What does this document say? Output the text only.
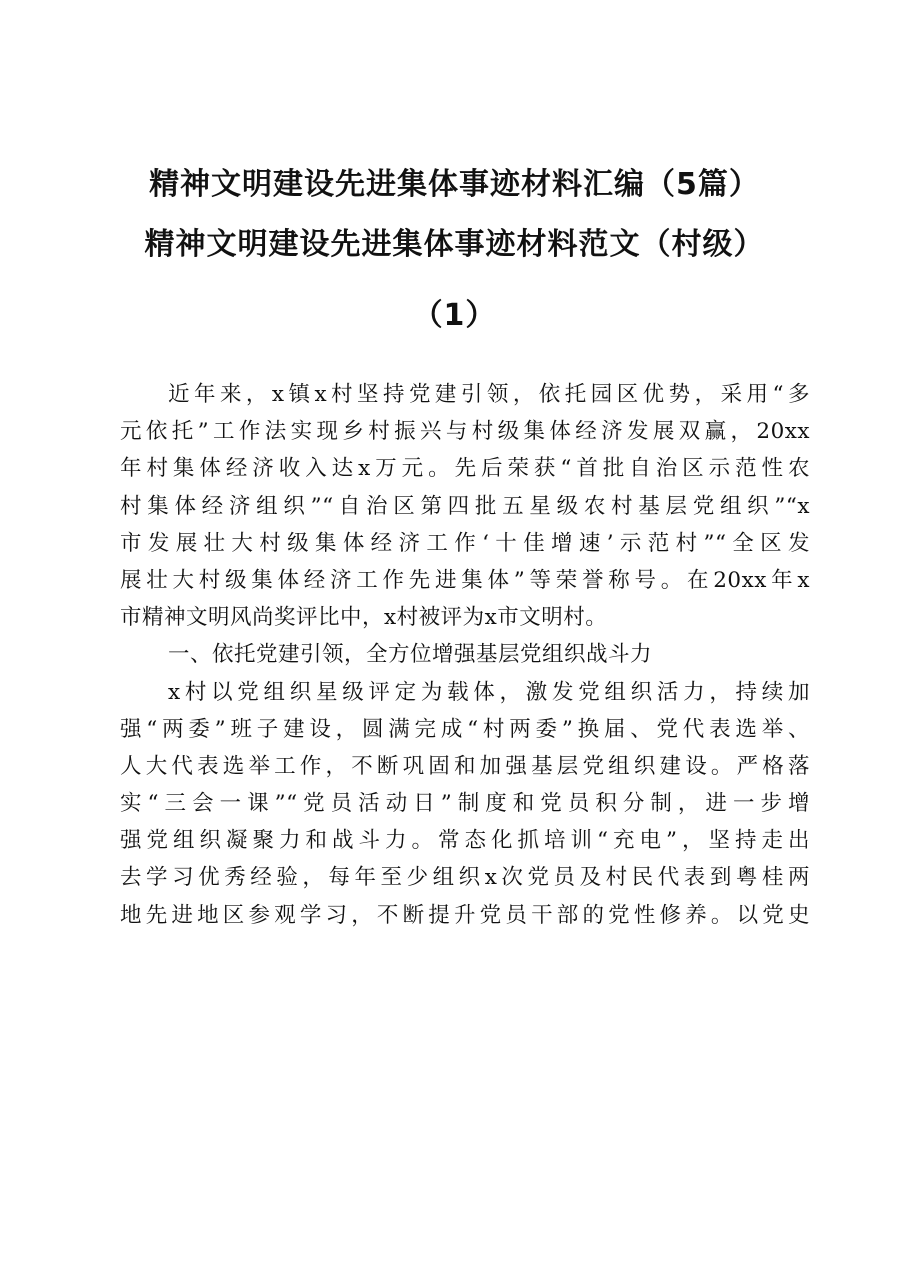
精神文明建设先进集体事迹材料汇编（5篇）
精神文明建设先进集体事迹材料范文（村级）
（1）
近年来，x镇x村坚持党建引领，依托园区优势，采用“多
元依托”工作法实现乡村振兴与村级集体经济发展双赢，20xx
年村集体经济收入达x万元。先后荣获“首批自治区示范性农
村集体经济组织”“自治区第四批五星级农村基层党组织”“x
市发展壮大村级集体经济工作‘十佳增速’示范村”“全区发
展壮大村级集体经济工作先进集体”等荣誉称号。在20xx年x
市精神文明风尚奖评比中，x村被评为x市文明村。
一、依托党建引领，全方位增强基层党组织战斗力
x村以党组织星级评定为载体，激发党组织活力，持续加
强“两委”班子建设，圆满完成“村两委”换届、党代表选举、
人大代表选举工作，不断巩固和加强基层党组织建设。严格落
实“三会一课”“党员活动日”制度和党员积分制，进一步增
强党组织凝聚力和战斗力。常态化抓培训“充电”，坚持走出
去学习优秀经验，每年至少组织x次党员及村民代表到粤桂两
地先进地区参观学习，不断提升党员干部的党性修养。以党史
